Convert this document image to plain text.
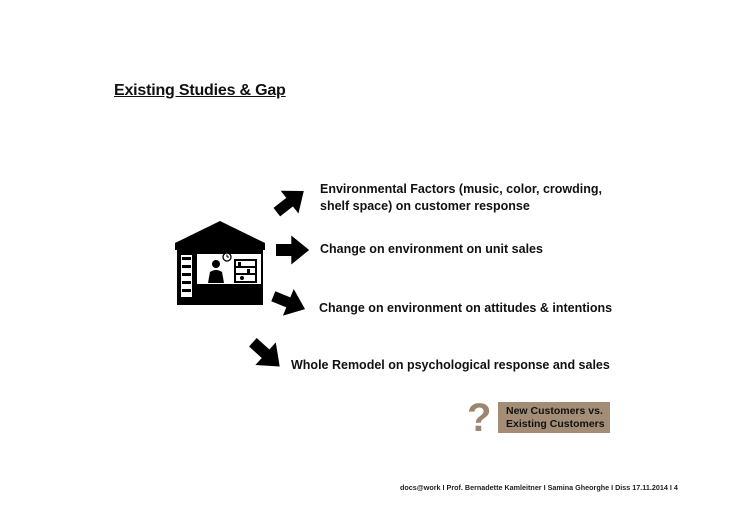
Existing Studies & Gap
Environmental Factors (music, color, crowding,
shelf space) on customer response
Change on environment on unit sales
Change on environment on attitudes & intentions
Whole Remodel on psychological response and sales
? New Customers vs.
Existing Customers
docs@work I Prof. Bernadette Kamleitner I Samina Gheorghe I Diss 17.11.2014 I 4
